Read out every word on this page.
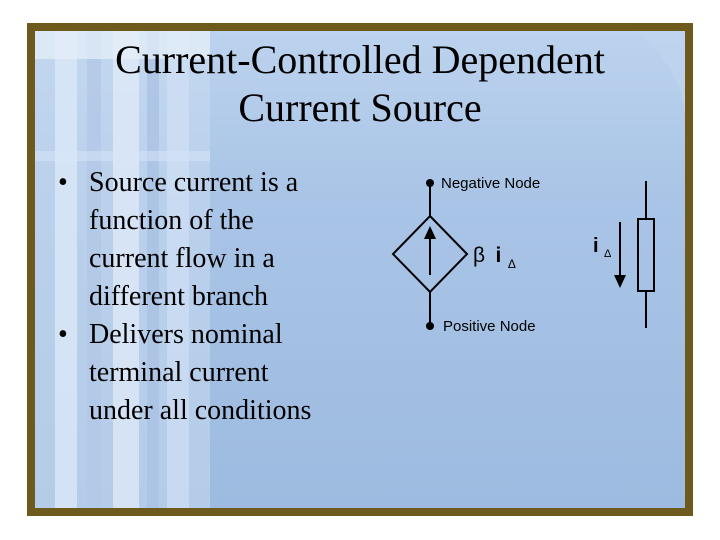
Current-Controlled Dependent
Current Source
• Source current is a
function of the
current flow in a
different branch
• Delivers nominal
terminal current
under all conditions
Negative Node
Positive Node
β i $_\Delta$
i $_\Delta$
